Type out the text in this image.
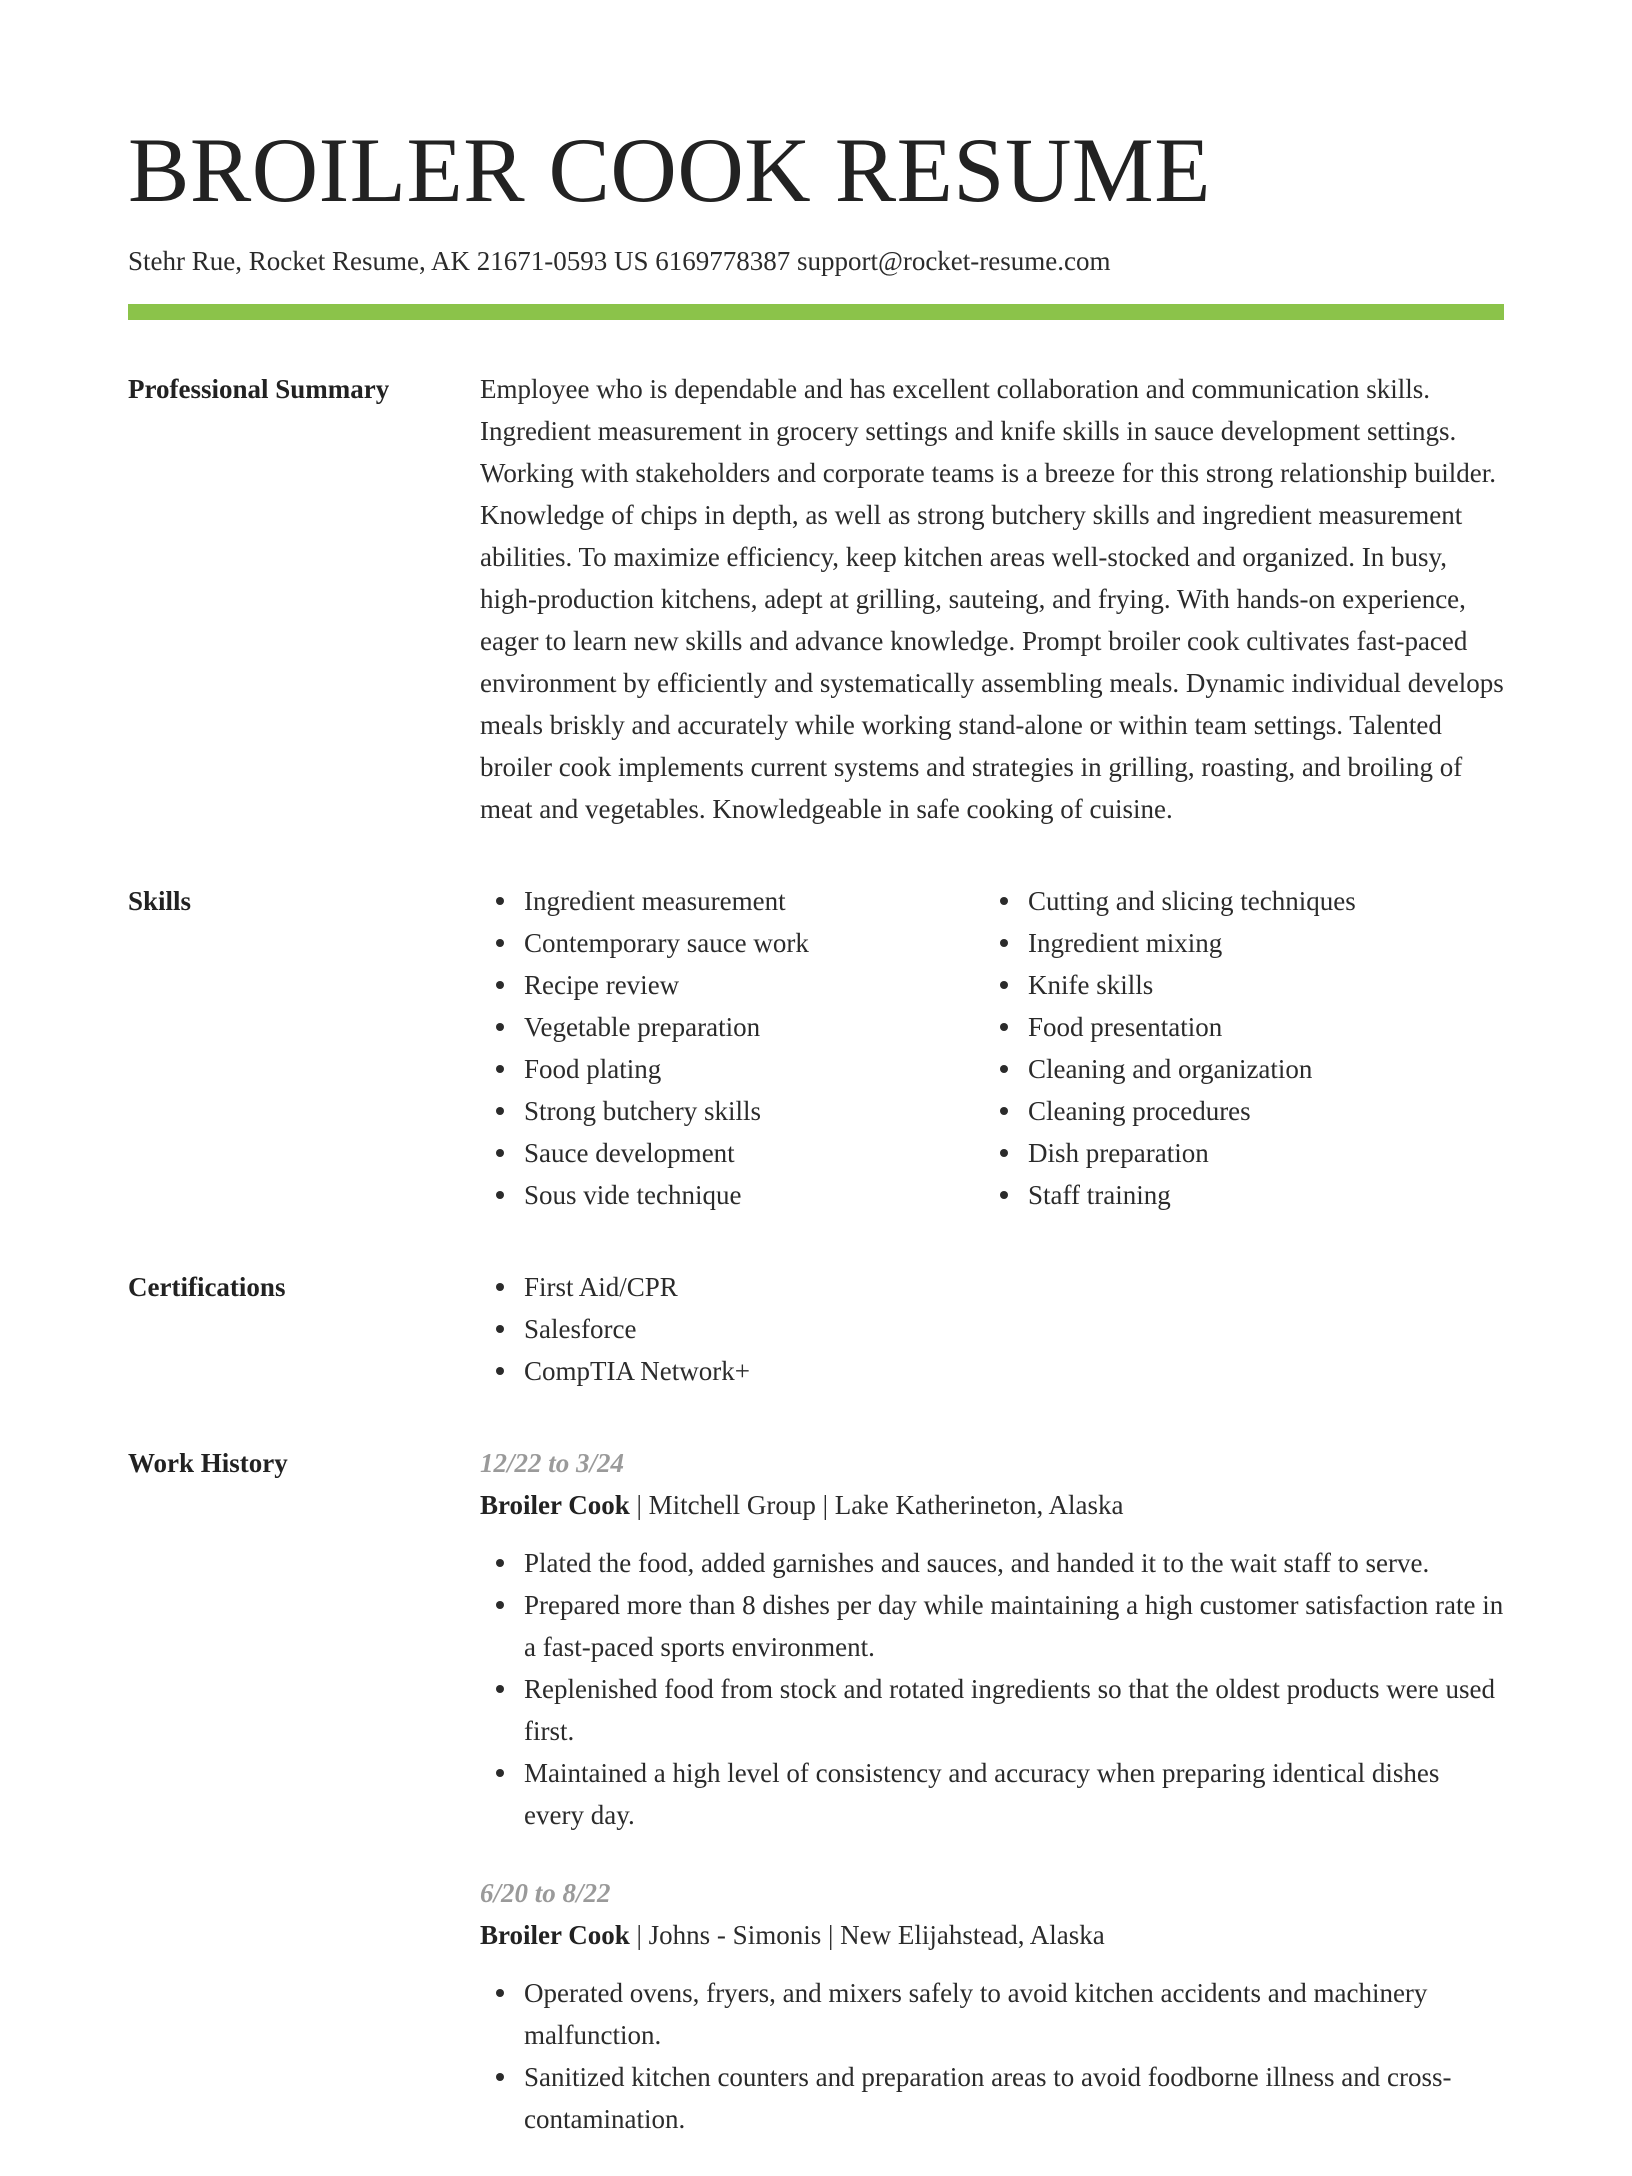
BROILER COOK RESUME
Stehr Rue, Rocket Resume, AK 21671-0593 US 6169778387 support@rocket-resume.com
Professional Summary	Employee who is dependable and has excellent collaboration and communication skills. Ingredient measurement in grocery settings and knife skills in sauce development settings. Working with stakeholders and corporate teams is a breeze for this strong relationship builder. Knowledge of chips in depth, as well as strong butchery skills and ingredient measurement abilities. To maximize efficiency, keep kitchen areas well-stocked and organized. In busy, high-production kitchens, adept at grilling, sauteing, and frying. With hands-on experience, eager to learn new skills and advance knowledge. Prompt broiler cook cultivates fast-paced environment by efficiently and systematically assembling meals. Dynamic individual develops meals briskly and accurately while working stand-alone or within team settings. Talented broiler cook implements current systems and strategies in grilling, roasting, and broiling of meat and vegetables. Knowledgeable in safe cooking of cuisine.
Skills	Ingredient measurement
Contemporary sauce work
Recipe review
Vegetable preparation
Food plating
Strong butchery skills
Sauce development
Sous vide technique
Cutting and slicing techniques
Ingredient mixing
Knife skills
Food presentation
Cleaning and organization
Cleaning procedures
Dish preparation
Staff training
Certifications	First Aid/CPR
Salesforce
CompTIA Network+
Work History	12/22 to 3/24
Broiler Cook | Mitchell Group | Lake Katherineton, Alaska
Plated the food, added garnishes and sauces, and handed it to the wait staff to serve.
Prepared more than 8 dishes per day while maintaining a high customer satisfaction rate in a fast-paced sports environment.
Replenished food from stock and rotated ingredients so that the oldest products were used first.
Maintained a high level of consistency and accuracy when preparing identical dishes every day.
6/20 to 8/22
Broiler Cook | Johns - Simonis | New Elijahstead, Alaska
Operated ovens, fryers, and mixers safely to avoid kitchen accidents and machinery malfunction.
Sanitized kitchen counters and preparation areas to avoid foodborne illness and cross-contamination.
